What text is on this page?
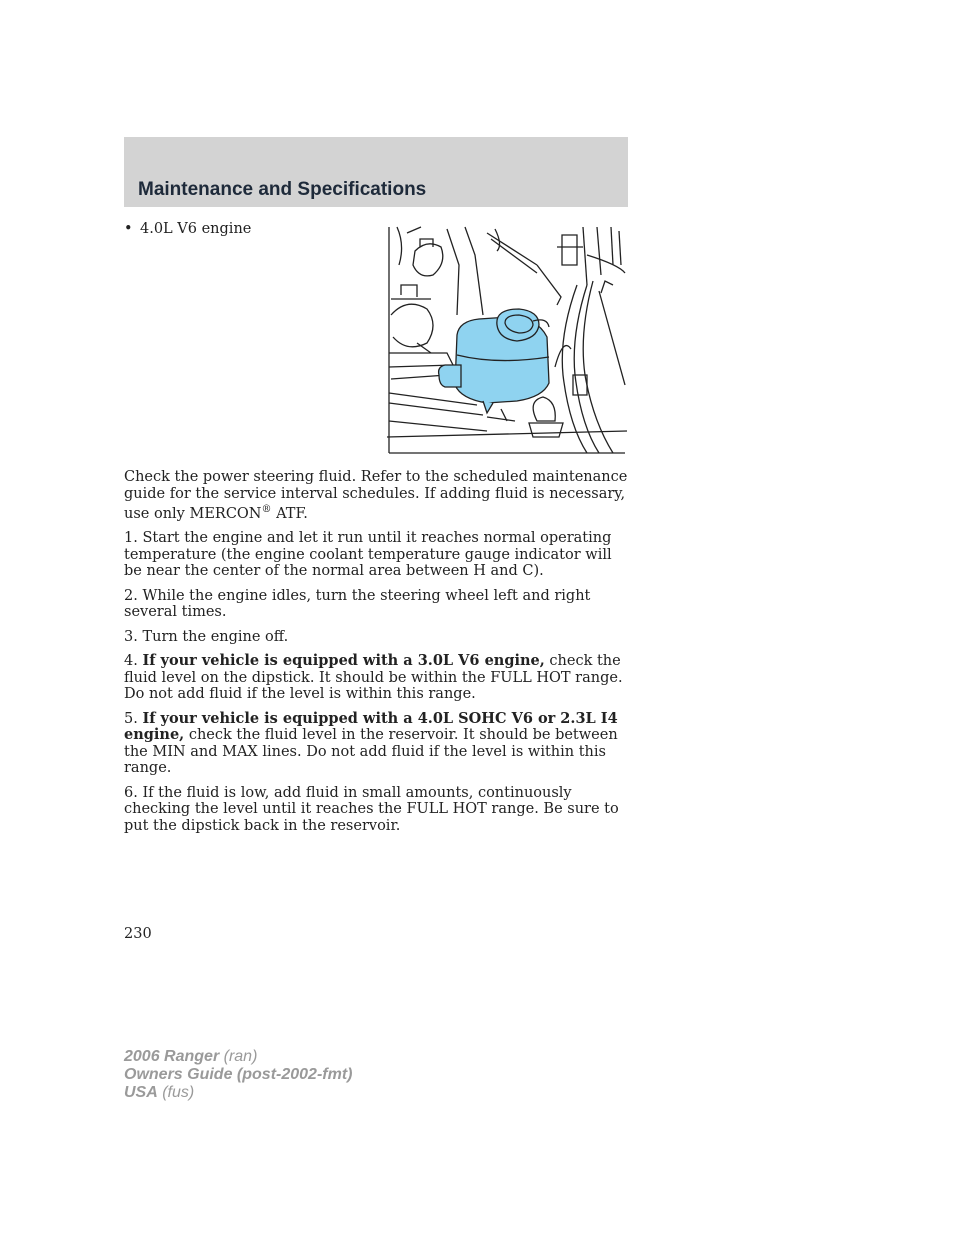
Maintenance and Specifications
• 4.0L V6 engine

Check the power steering fluid. Refer to the scheduled maintenance guide for the service interval schedules. If adding fluid is necessary, use only MERCON® ATF.

1. Start the engine and let it run until it reaches normal operating temperature (the engine coolant temperature gauge indicator will be near the center of the normal area between H and C).

2. While the engine idles, turn the steering wheel left and right several times.

3. Turn the engine off.

4. If your vehicle is equipped with a 3.0L V6 engine, check the fluid level on the dipstick. It should be within the FULL HOT range. Do not add fluid if the level is within this range.

5. If your vehicle is equipped with a 4.0L SOHC V6 or 2.3L I4 engine, check the fluid level in the reservoir. It should be between the MIN and MAX lines. Do not add fluid if the level is within this range.

6. If the fluid is low, add fluid in small amounts, continuously checking the level until it reaches the FULL HOT range. Be sure to put the dipstick back in the reservoir.

230
2006 Ranger (ran)
Owners Guide (post-2002-fmt)
USA (fus)
